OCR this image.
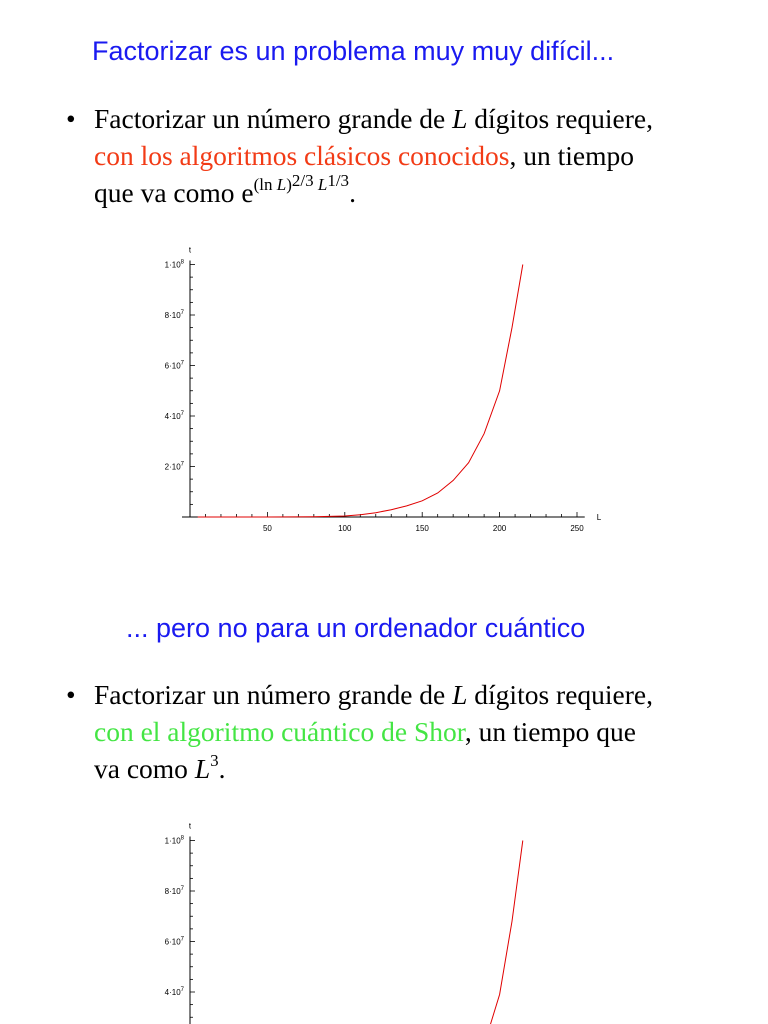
Factorizar es un problema muy muy difícil...
• Factorizar un número grande de L dígitos requiere,
con los algoritmos clásicos conocidos, un tiempo
que va como $e^{(ln L)2/3 L1/3}$.
t
L
50	100	150	200	250
$2\cdot 10^7$
$4\cdot 10^7$
$6\cdot 10^7$
$8\cdot 10^7$
$1\cdot 10^8$
... pero no para un ordenador cuántico
• Factorizar un número grande de L dígitos requiere,
con el algoritmo cuántico de Shor, un tiempo que
va como $L^3$.
t
$4\cdot 10^7$
$6\cdot 10^7$
$8\cdot 10^7$
$1\cdot 10^8$
